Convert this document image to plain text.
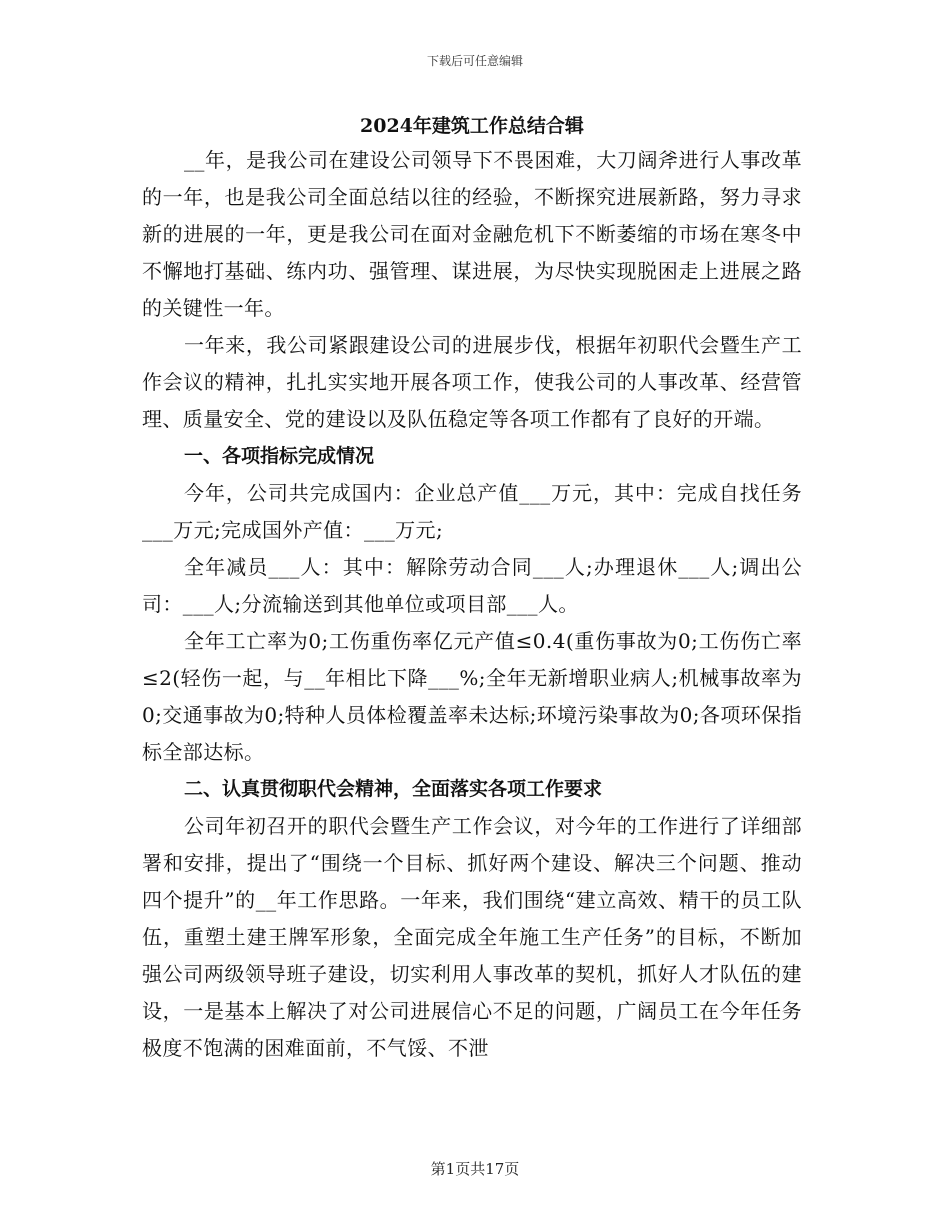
下载后可任意编辑
2024年建筑工作总结合辑

__年，是我公司在建设公司领导下不畏困难，大刀阔斧进行人事改革的一年，也是我公司全面总结以往的经验，不断探究进展新路，努力寻求新的进展的一年，更是我公司在面对金融危机下不断萎缩的市场在寒冬中不懈地打基础、练内功、强管理、谋进展，为尽快实现脱困走上进展之路的关键性一年。

一年来，我公司紧跟建设公司的进展步伐，根据年初职代会暨生产工作会议的精神，扎扎实实地开展各项工作，使我公司的人事改革、经营管理、质量安全、党的建设以及队伍稳定等各项工作都有了良好的开端。

一、各项指标完成情况

今年，公司共完成国内：企业总产值___万元，其中：完成自找任务___万元;完成国外产值：___万元;

全年减员___人：其中：解除劳动合同___人;办理退休___人;调出公司：___人;分流输送到其他单位或项目部___人。

全年工亡率为0;工伤重伤率亿元产值≤0.4(重伤事故为0;工伤伤亡率≤2(轻伤一起，与__年相比下降___%;全年无新增职业病人;机械事故率为0;交通事故为0;特种人员体检覆盖率未达标;环境污染事故为0;各项环保指标全部达标。

二、认真贯彻职代会精神，全面落实各项工作要求

公司年初召开的职代会暨生产工作会议，对今年的工作进行了详细部署和安排，提出了“围绕一个目标、抓好两个建设、解决三个问题、推动四个提升”的__年工作思路。一年来，我们围绕“建立高效、精干的员工队伍，重塑土建王牌军形象，全面完成全年施工生产任务”的目标，不断加强公司两级领导班子建设，切实利用人事改革的契机，抓好人才队伍的建设，一是基本上解决了对公司进展信心不足的问题，广阔员工在今年任务极度不饱满的困难面前，不气馁、不泄

第1页共17页
